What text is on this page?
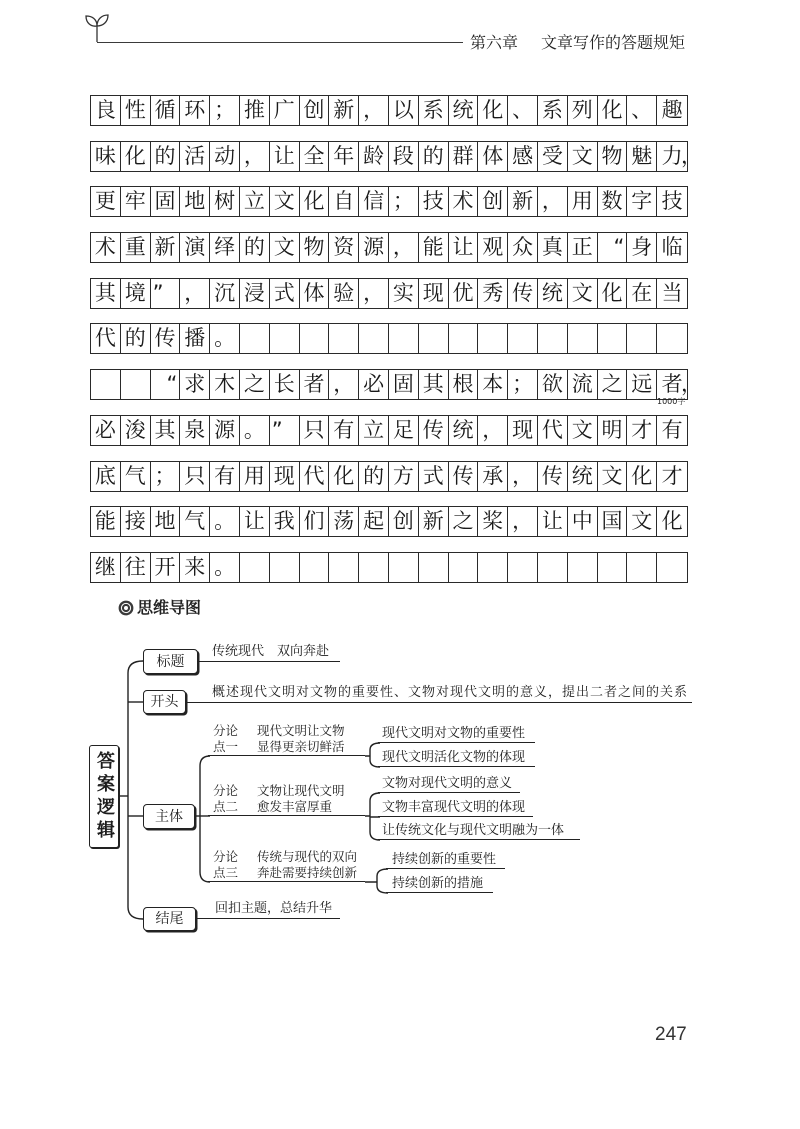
第六章 文章写作的答题规矩
良 性 循 环 ； 推 广 创 新 ， 以 系 统 化 、 系 列 化 、 趣
味 化 的 活 动 ， 让 全 年 龄 段 的 群 体 感 受 文 物 魅 力
，
更 牢 固 地 树 立 文 化 自 信 ； 技 术 创 新 ， 用 数 字 技
术 重 新 演 绎 的 文 物 资 源 ， 能 让 观 众 真 正 “ 身 临
其 境 ” ， 沉 浸 式 体 验 ， 实 现 优 秀 传 统 文 化 在 当
代 的 传 播 。
“ 求 木 之 长 者 ， 必 固 其 根 本 ； 欲 流 之 远 者
，
必 浚 其 泉 源 。 ” 只 有 立 足 传 统 ， 现 代 文 明 才 有
底 气 ； 只 有 用 现 代 化 的 方 式 传 承 ， 传 统 文 化 才
能 接 地 气 。 让 我 们 荡 起 创 新 之 桨 ， 让 中 国 文 化
继 往 开 来 。
1000字
思维导图
答案逻辑
标题
传统现代　双向奔赴
开头
概述现代文明对文物的重要性、文物对现代文明的意义，提出二者之间的关系
主体
分论	现代文明让文物
点一	显得更亲切鲜活
分论	文物让现代文明
点二	愈发丰富厚重
分论	传统与现代的双向
点三	奔赴需要持续创新
现代文明对文物的重要性
现代文明活化文物的体现
文物对现代文明的意义
文物丰富现代文明的体现
让传统文化与现代文明融为一体
持续创新的重要性
持续创新的措施
结尾
回扣主题，总结升华
247
